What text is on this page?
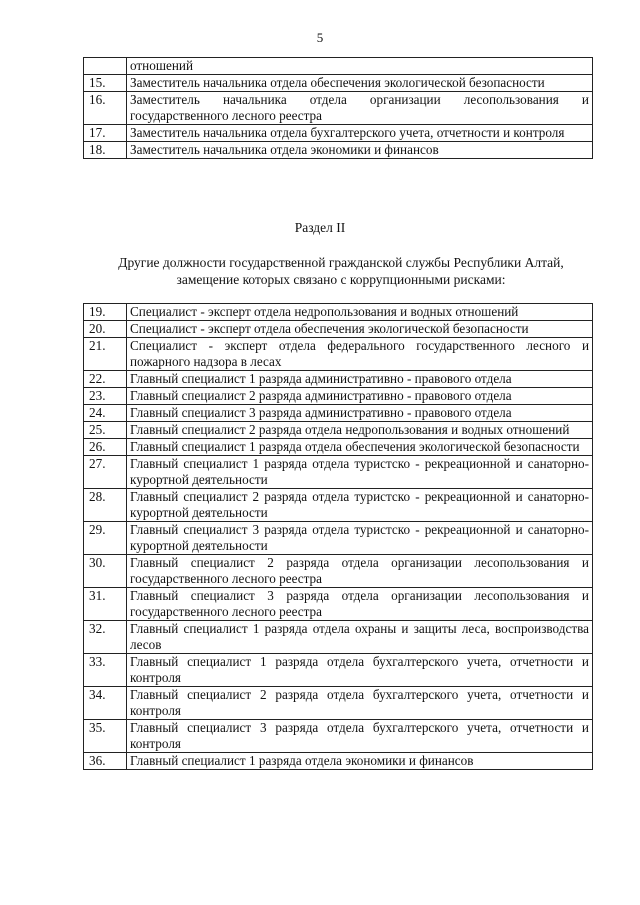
5
	отношений
15.	Заместитель начальника отдела обеспечения экологической безопасности
16.	Заместитель начальника отдела организации лесопользования и государственного лесного реестра
17.	Заместитель начальника отдела бухгалтерского учета, отчетности и контроля
18.	Заместитель начальника отдела экономики и финансов
Раздел II
Другие должности государственной гражданской службы Республики Алтай, замещение которых связано с коррупционными рисками:
19.	Специалист - эксперт отдела недропользования и водных отношений
20.	Специалист - эксперт отдела обеспечения экологической безопасности
21.	Специалист - эксперт отдела федерального государственного лесного и пожарного надзора в лесах
22.	Главный специалист 1 разряда административно - правового отдела
23.	Главный специалист 2 разряда административно - правового отдела
24.	Главный специалист 3 разряда административно - правового отдела
25.	Главный специалист 2 разряда отдела недропользования и водных отношений
26.	Главный специалист 1 разряда отдела обеспечения экологической безопасности
27.	Главный специалист 1 разряда отдела туристско - рекреационной и санаторно- курортной деятельности
28.	Главный специалист 2 разряда отдела туристско - рекреационной и санаторно- курортной деятельности
29.	Главный специалист 3 разряда отдела туристско - рекреационной и санаторно- курортной деятельности
30.	Главный специалист 2 разряда отдела организации лесопользования и государственного лесного реестра
31.	Главный специалист 3 разряда отдела организации лесопользования и государственного лесного реестра
32.	Главный специалист 1 разряда отдела охраны и защиты леса, воспроизводства лесов
33.	Главный специалист 1 разряда отдела бухгалтерского учета, отчетности и контроля
34.	Главный специалист 2 разряда отдела бухгалтерского учета, отчетности и контроля
35.	Главный специалист 3 разряда отдела бухгалтерского учета, отчетности и контроля
36.	Главный специалист 1 разряда отдела экономики и финансов
